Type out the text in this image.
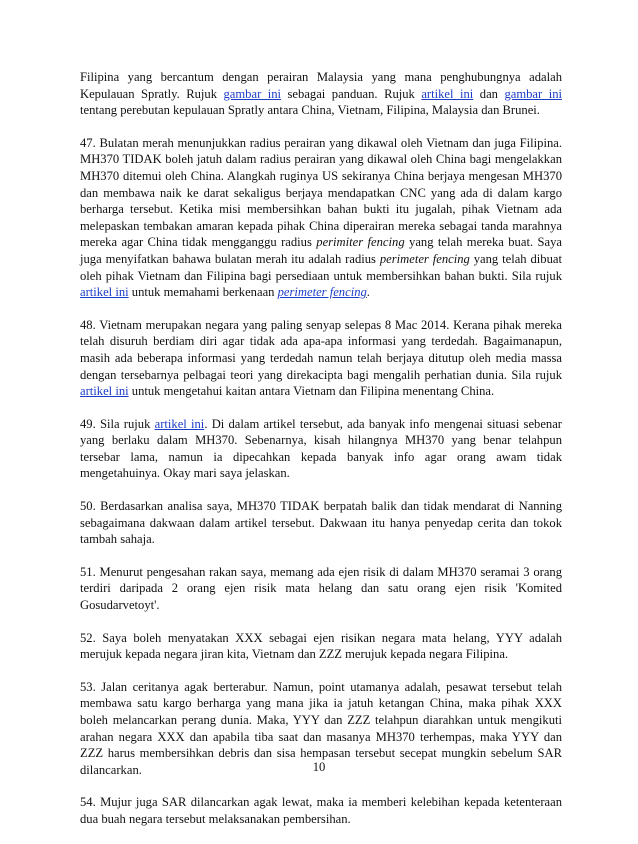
Filipina yang bercantum dengan perairan Malaysia yang mana penghubungnya adalah Kepulauan Spratly. Rujuk gambar ini sebagai panduan. Rujuk artikel ini dan gambar ini tentang perebutan kepulauan Spratly antara China, Vietnam, Filipina, Malaysia dan Brunei.

47. Bulatan merah menunjukkan radius perairan yang dikawal oleh Vietnam dan juga Filipina. MH370 TIDAK boleh jatuh dalam radius perairan yang dikawal oleh China bagi mengelakkan MH370 ditemui oleh China. Alangkah ruginya US sekiranya China berjaya mengesan MH370 dan membawa naik ke darat sekaligus berjaya mendapatkan CNC yang ada di dalam kargo berharga tersebut. Ketika misi membersihkan bahan bukti itu jugalah, pihak Vietnam ada melepaskan tembakan amaran kepada pihak China diperairan mereka sebagai tanda marahnya mereka agar China tidak mengganggu radius perimiter fencing yang telah mereka buat. Saya juga menyifatkan bahawa bulatan merah itu adalah radius perimeter fencing yang telah dibuat oleh pihak Vietnam dan Filipina bagi persediaan untuk membersihkan bahan bukti. Sila rujuk artikel ini untuk memahami berkenaan perimeter fencing.

48. Vietnam merupakan negara yang paling senyap selepas 8 Mac 2014. Kerana pihak mereka telah disuruh berdiam diri agar tidak ada apa-apa informasi yang terdedah. Bagaimanapun, masih ada beberapa informasi yang terdedah namun telah berjaya ditutup oleh media massa dengan tersebarnya pelbagai teori yang direkacipta bagi mengalih perhatian dunia. Sila rujuk artikel ini untuk mengetahui kaitan antara Vietnam dan Filipina menentang China.

49. Sila rujuk artikel ini. Di dalam artikel tersebut, ada banyak info mengenai situasi sebenar yang berlaku dalam MH370. Sebenarnya, kisah hilangnya MH370 yang benar telahpun tersebar lama, namun ia dipecahkan kepada banyak info agar orang awam tidak mengetahuinya. Okay mari saya jelaskan.

50. Berdasarkan analisa saya, MH370 TIDAK berpatah balik dan tidak mendarat di Nanning sebagaimana dakwaan dalam artikel tersebut. Dakwaan itu hanya penyedap cerita dan tokok tambah sahaja.

51. Menurut pengesahan rakan saya, memang ada ejen risik di dalam MH370 seramai 3 orang terdiri daripada 2 orang ejen risik mata helang dan satu orang ejen risik 'Komited Gosudarvetoyt'.

52. Saya boleh menyatakan XXX sebagai ejen risikan negara mata helang, YYY adalah merujuk kepada negara jiran kita, Vietnam dan ZZZ merujuk kepada negara Filipina.

53. Jalan ceritanya agak berterabur. Namun, point utamanya adalah, pesawat tersebut telah membawa satu kargo berharga yang mana jika ia jatuh ketangan China, maka pihak XXX boleh melancarkan perang dunia. Maka, YYY dan ZZZ telahpun diarahkan untuk mengikuti arahan negara XXX dan apabila tiba saat dan masanya MH370 terhempas, maka YYY dan ZZZ harus membersihkan debris dan sisa hempasan tersebut secepat mungkin sebelum SAR dilancarkan.

54. Mujur juga SAR dilancarkan agak lewat, maka ia memberi kelebihan kepada ketenteraan dua buah negara tersebut melaksanakan pembersihan.

10
